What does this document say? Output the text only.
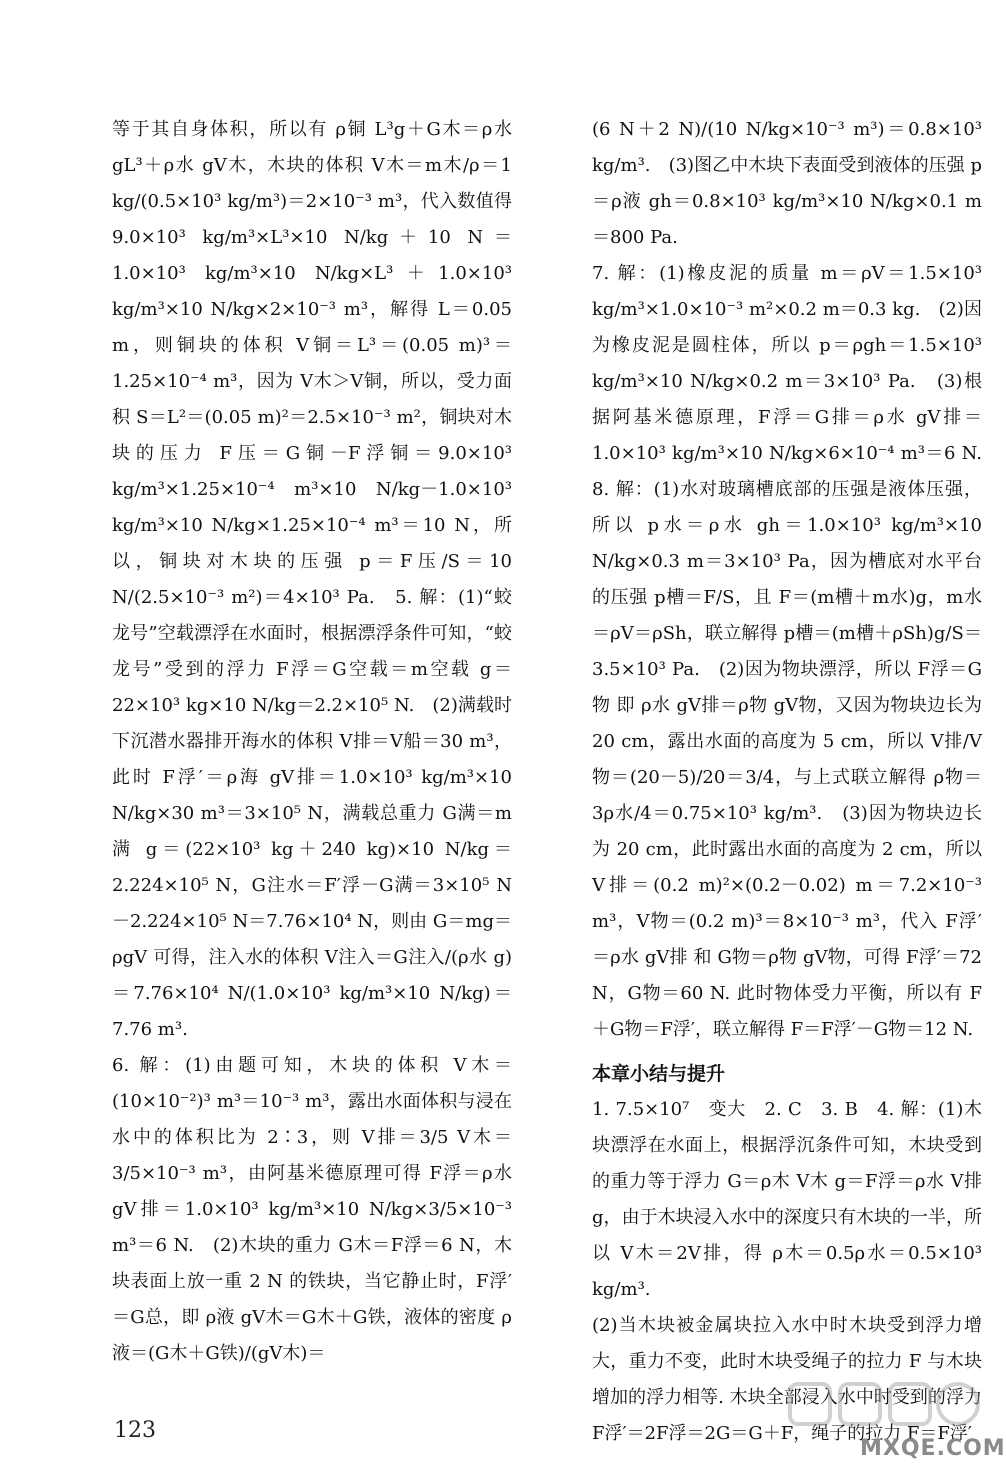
等于其自身体积，所以有 ρ铜 L³g＋G木＝ρ水 gL³＋ρ水 gV木，木块的体积 V木＝m木/ρ＝1 kg/(0.5×10³ kg/m³)＝2×10⁻³ m³，代入数值得 9.0×10³ kg/m³×L³×10 N/kg＋10 N＝1.0×10³ kg/m³×10 N/kg×L³＋1.0×10³ kg/m³×10 N/kg×2×10⁻³ m³，解得 L＝0.05 m，则铜块的体积 V铜＝L³＝(0.05 m)³＝1.25×10⁻⁴ m³，因为 V木＞V铜，所以，受力面积 S＝L²＝(0.05 m)²＝2.5×10⁻³ m²，铜块对木块的压力 F压＝G铜－F浮铜＝9.0×10³ kg/m³×1.25×10⁻⁴ m³×10 N/kg－1.0×10³ kg/m³×10 N/kg×1.25×10⁻⁴ m³＝10 N，所以，铜块对木块的压强 p＝F压/S＝10 N/(2.5×10⁻³ m²)＝4×10³ Pa.　5. 解：(1)“蛟龙号”空载漂浮在水面时，根据漂浮条件可知，“蛟龙号”受到的浮力 F浮＝G空载＝m空载 g＝22×10³ kg×10 N/kg＝2.2×10⁵ N.　(2)满载时下沉潜水器排开海水的体积 V排＝V船＝30 m³，此时 F浮′＝ρ海 gV排＝1.0×10³ kg/m³×10 N/kg×30 m³＝3×10⁵ N，满载总重力 G满＝m满 g＝(22×10³ kg＋240 kg)×10 N/kg＝2.224×10⁵ N，G注水＝F′浮－G满＝3×10⁵ N－2.224×10⁵ N＝7.76×10⁴ N，则由 G＝mg＝ρgV 可得，注入水的体积 V注入＝G注入/(ρ水 g)＝7.76×10⁴ N/(1.0×10³ kg/m³×10 N/kg)＝7.76 m³.

6. 解：(1)由题可知，木块的体积 V木＝(10×10⁻²)³ m³＝10⁻³ m³，露出水面体积与浸在水中的体积比为 2∶3，则 V排＝3/5 V木＝3/5×10⁻³ m³，由阿基米德原理可得 F浮＝ρ水 gV排＝1.0×10³ kg/m³×10 N/kg×3/5×10⁻³ m³＝6 N.　(2)木块的重力 G木＝F浮＝6 N，木块表面上放一重 2 N 的铁块，当它静止时，F浮′＝G总，即 ρ液 gV木＝G木＋G铁，液体的密度 ρ液＝(G木＋G铁)/(gV木)＝

(6 N＋2 N)/(10 N/kg×10⁻³ m³)＝0.8×10³ kg/m³.　(3)图乙中木块下表面受到液体的压强 p＝ρ液 gh＝0.8×10³ kg/m³×10 N/kg×0.1 m＝800 Pa.

7. 解：(1)橡皮泥的质量 m＝ρV＝1.5×10³ kg/m³×1.0×10⁻³ m²×0.2 m＝0.3 kg.　(2)因为橡皮泥是圆柱体，所以 p＝ρgh＝1.5×10³ kg/m³×10 N/kg×0.2 m＝3×10³ Pa.　(3)根据阿基米德原理，F浮＝G排＝ρ水 gV排＝1.0×10³ kg/m³×10 N/kg×6×10⁻⁴ m³＝6 N.　8. 解：(1)水对玻璃槽底部的压强是液体压强，所以 p水＝ρ水 gh＝1.0×10³ kg/m³×10 N/kg×0.3 m＝3×10³ Pa，因为槽底对水平台的压强 p槽＝F/S，且 F＝(m槽＋m水)g，m水＝ρV＝ρSh，联立解得 p槽＝(m槽＋ρSh)g/S＝3.5×10³ Pa.　(2)因为物块漂浮，所以 F浮＝G物 即 ρ水 gV排＝ρ物 gV物，又因为物块边长为 20 cm，露出水面的高度为 5 cm，所以 V排/V物＝(20－5)/20＝3/4，与上式联立解得 ρ物＝3ρ水/4＝0.75×10³ kg/m³.　(3)因为物块边长为 20 cm，此时露出水面的高度为 2 cm，所以 V排＝(0.2 m)²×(0.2－0.02) m＝7.2×10⁻³ m³，V物＝(0.2 m)³＝8×10⁻³ m³，代入 F浮′＝ρ水 gV排 和 G物＝ρ物 gV物，可得 F浮′＝72 N，G物＝60 N. 此时物体受力平衡，所以有 F＋G物＝F浮′，联立解得 F＝F浮′－G物＝12 N.

本章小结与提升

1. 7.5×10⁷　变大　2. C　3. B　4. 解：(1)木块漂浮在水面上，根据浮沉条件可知，木块受到的重力等于浮力 G＝ρ木 V木 g＝F浮＝ρ水 V排 g，由于木块浸入水中的深度只有木块的一半，所以 V木＝2V排，得 ρ木＝0.5ρ水＝0.5×10³ kg/m³.

(2)当木块被金属块拉入水中时木块受到浮力增大，重力不变，此时木块受绳子的拉力 F 与木块增加的浮力相等. 木块全部浸入水中时受到的浮力 F浮′＝2F浮＝2G＝G＋F，绳子的拉力 F＝F浮′

123
MXQE.COM
